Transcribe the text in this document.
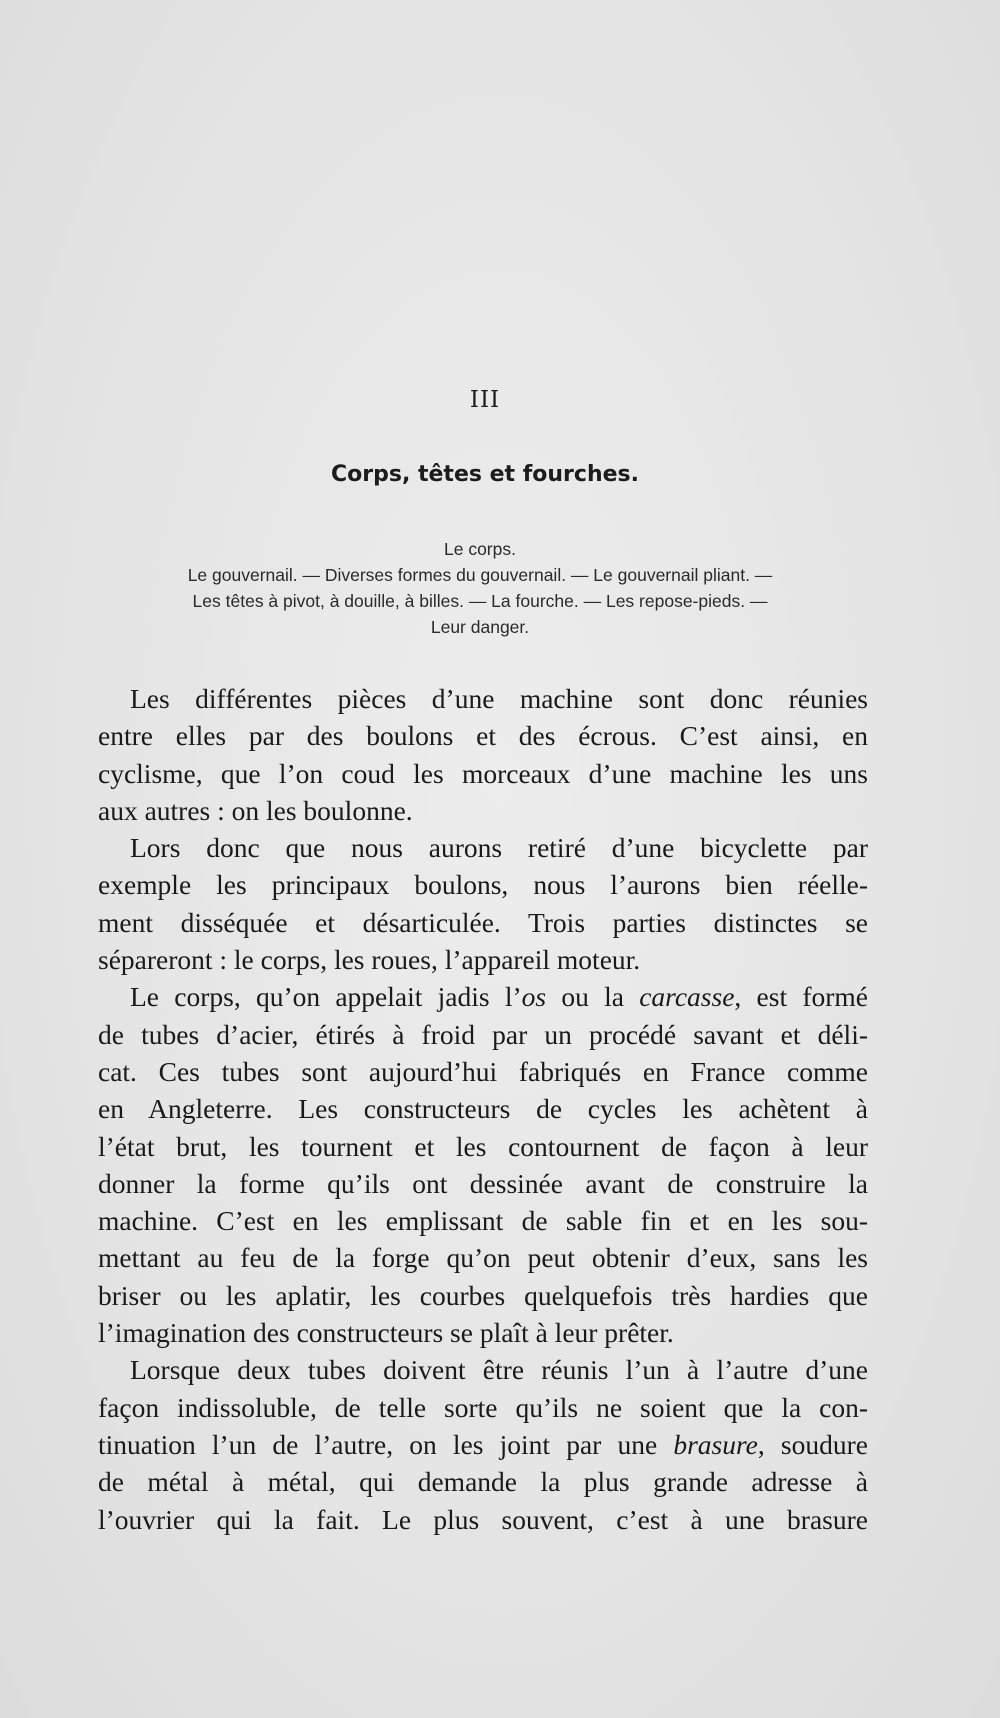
III
Corps, têtes et fourches.
Le corps.
Le gouvernail. — Diverses formes du gouvernail. — Le gouvernail pliant. —
Les têtes à pivot, à douille, à billes. — La fourche. — Les repose-pieds. —
Leur danger.
Les différentes pièces d’une machine sont donc réunies
entre elles par des boulons et des écrous. C’est ainsi, en
cyclisme, que l’on coud les morceaux d’une machine les uns
aux autres : on les boulonne.
Lors donc que nous aurons retiré d’une bicyclette par
exemple les principaux boulons, nous l’aurons bien réelle-
ment disséquée et désarticulée. Trois parties distinctes se
sépareront : le corps, les roues, l’appareil moteur.
Le corps, qu’on appelait jadis l’os ou la carcasse, est formé
de tubes d’acier, étirés à froid par un procédé savant et déli-
cat. Ces tubes sont aujourd’hui fabriqués en France comme
en Angleterre. Les constructeurs de cycles les achètent à
l’état brut, les tournent et les contournent de façon à leur
donner la forme qu’ils ont dessinée avant de construire la
machine. C’est en les emplissant de sable fin et en les sou-
mettant au feu de la forge qu’on peut obtenir d’eux, sans les
briser ou les aplatir, les courbes quelquefois très hardies que
l’imagination des constructeurs se plaît à leur prêter.
Lorsque deux tubes doivent être réunis l’un à l’autre d’une
façon indissoluble, de telle sorte qu’ils ne soient que la con-
tinuation l’un de l’autre, on les joint par une brasure, soudure
de métal à métal, qui demande la plus grande adresse à
l’ouvrier qui la fait. Le plus souvent, c’est à une brasure
